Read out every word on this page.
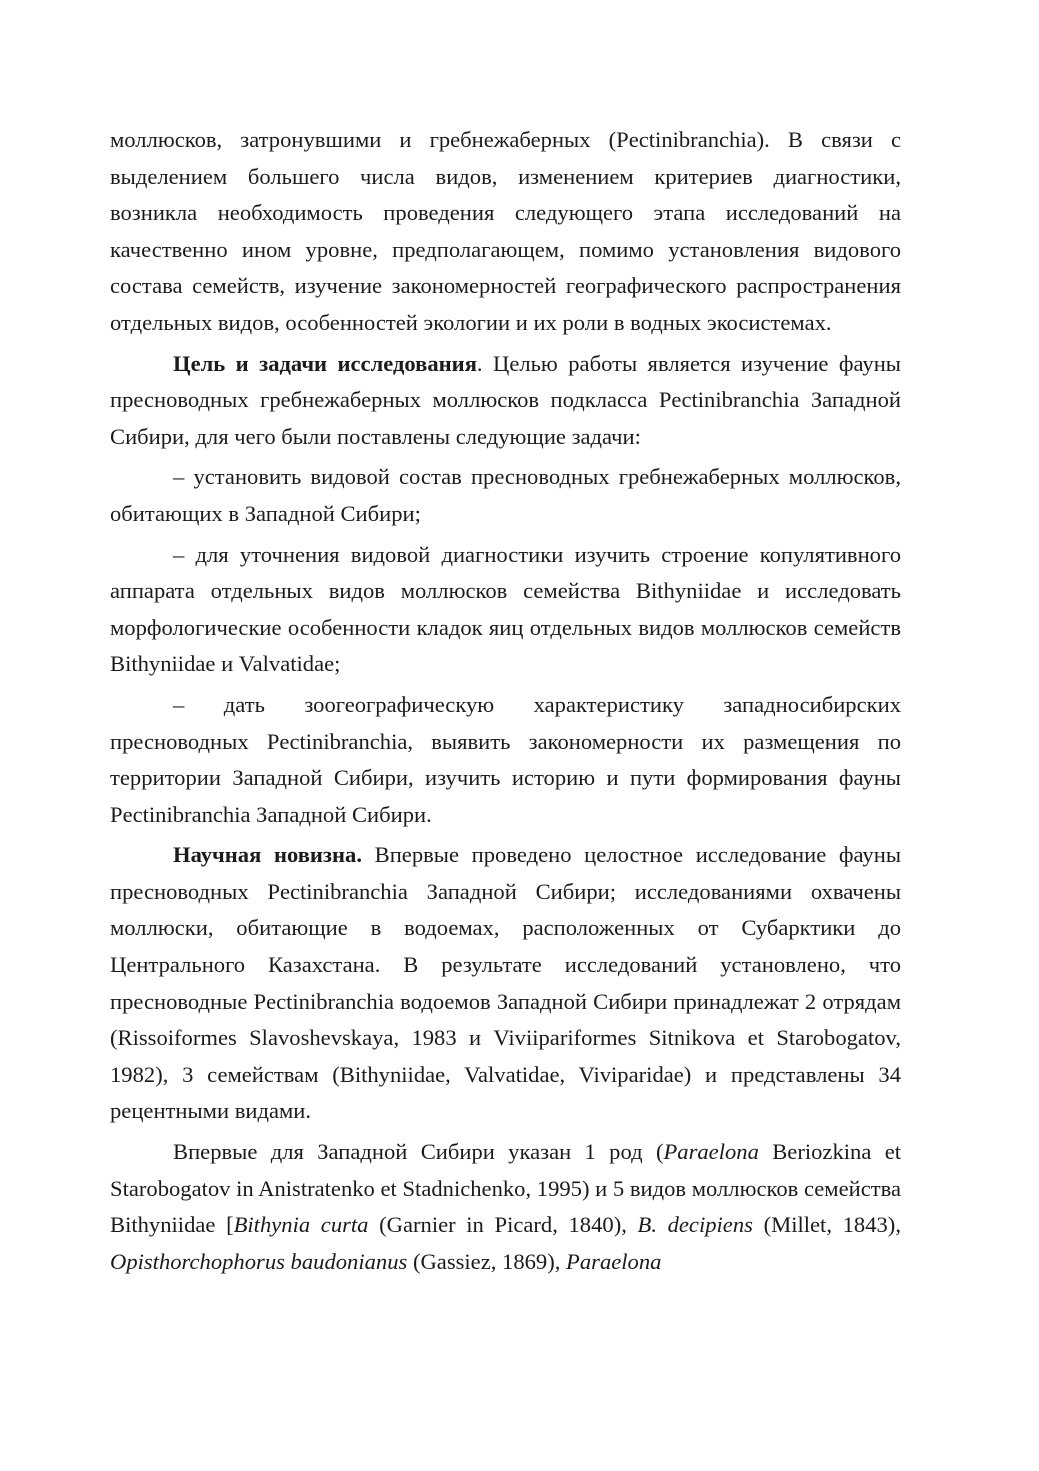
моллюсков, затронувшими и гребнежаберных (Pectinibranchia). В связи с выделением большего числа видов, изменением критериев диагностики, возникла необходимость проведения следующего этапа исследований на качественно ином уровне, предполагающем, помимо установления видового состава семейств, изучение закономерностей географического распространения отдельных видов, особенностей экологии и их роли в водных экосистемах.

Цель и задачи исследования. Целью работы является изучение фауны пресноводных гребнежаберных моллюсков подкласса Pectinibranchia Западной Сибири, для чего были поставлены следующие задачи:

– установить видовой состав пресноводных гребнежаберных моллюсков, обитающих в Западной Сибири;

– для уточнения видовой диагностики изучить строение копулятивного аппарата отдельных видов моллюсков семейства Bithyniidae и исследовать морфологические особенности кладок яиц отдельных видов моллюсков семейств Bithyniidae и Valvatidae;

– дать зоогеографическую характеристику западносибирских пресноводных Pectinibranchia, выявить закономерности их размещения по территории Западной Сибири, изучить историю и пути формирования фауны Pectinibranchia Западной Сибири.

Научная новизна. Впервые проведено целостное исследование фауны пресноводных Pectinibranchia Западной Сибири; исследованиями охвачены моллюски, обитающие в водоемах, расположенных от Субарктики до Центрального Казахстана. В результате исследований установлено, что пресноводные Pectinibranchia водоемов Западной Сибири принадлежат 2 отрядам (Rissoiformes Slavoshevskaya, 1983 и Viviipariformes Sitnikova et Starobogatov, 1982), 3 семействам (Bithyniidae, Valvatidae, Viviparidae) и представлены 34 рецентными видами.

Впервые для Западной Сибири указан 1 род (Paraelona Beriozkina et Starobogatov in Anistratenko et Stadnichenko, 1995) и 5 видов моллюсков семейства Bithyniidae [Bithynia curta (Garnier in Picard, 1840), B. decipiens (Millet, 1843), Opisthorchophorus baudonianus (Gassiez, 1869), Paraelona
